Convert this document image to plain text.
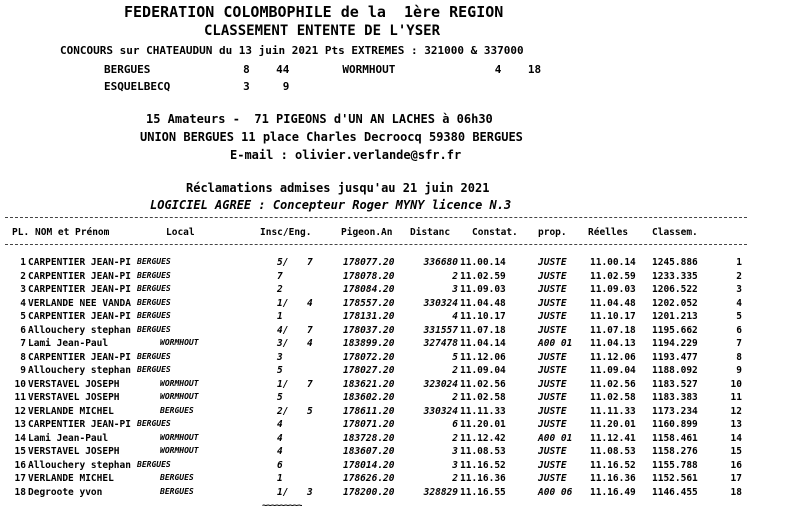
FEDERATION COLOMBOPHILE de la  1ère REGION
CLASSEMENT ENTENTE DE L'YSER
CONCOURS sur CHATEAUDUN du 13 juin 2021 Pts EXTREMES : 321000 & 337000
BERGUES              8    44        WORMHOUT               4    18
ESQUELBECQ           3     9
15 Amateurs -  71 PIGEONS d'UN AN LACHES à 06h30
UNION BERGUES 11 place Charles Decroocq 59380 BERGUES
E-mail : olivier.verlande@sfr.fr
Réclamations admises jusqu'au 21 juin 2021
LOGICIEL AGREE : Concepteur Roger MYNY licence N.3
PL. NOM et Prénom	Local	Insc/Eng.	Pigeon.An Distanc Constat. prop. Réelles	Classem.
1 CARPENTIER JEAN-PI BERGUES	5/ 7	178077.20	336680 11.00.14	JUSTE 11.00.14 1245.886	1
2 CARPENTIER JEAN-PI BERGUES	7	178078.20	2 11.02.59	JUSTE 11.02.59 1233.335	2
3 CARPENTIER JEAN-PI BERGUES	2	178084.20	3 11.09.03	JUSTE 11.09.03 1206.522	3
4 VERLANDE NEE VANDA BERGUES	1/ 4	178557.20	330324 11.04.48	JUSTE 11.04.48 1202.052	4
5 CARPENTIER JEAN-PI BERGUES	1	178131.20	4 11.10.17	JUSTE 11.10.17 1201.213	5
6 Allouchery stephan BERGUES	4/ 7	178037.20	331557 11.07.18	JUSTE 11.07.18 1195.662	6
7 Lami Jean-Paul	WORMHOUT	3/ 4	183899.20	327478 11.04.14	A00 01 11.04.13 1194.229	7
8 CARPENTIER JEAN-PI BERGUES	3	178072.20	5 11.12.06	JUSTE 11.12.06 1193.477	8
9 Allouchery stephan BERGUES	5	178027.20	2 11.09.04	JUSTE 11.09.04 1188.092	9
10 VERSTAVEL JOSEPH	WORMHOUT	1/ 7	183621.20	323024 11.02.56	JUSTE 11.02.56 1183.527	10
11 VERSTAVEL JOSEPH	WORMHOUT	5	183602.20	2 11.02.58	JUSTE 11.02.58 1183.383	11
12 VERLANDE MICHEL	BERGUES	2/ 5	178611.20	330324 11.11.33	JUSTE 11.11.33 1173.234	12
13 CARPENTIER JEAN-PI BERGUES	4	178071.20	6 11.20.01	JUSTE 11.20.01 1160.899	13
14 Lami Jean-Paul	WORMHOUT	4	183728.20	2 11.12.42	A00 01 11.12.41 1158.461	14
15 VERSTAVEL JOSEPH	WORMHOUT	4	183607.20	3 11.08.53	JUSTE 11.08.53 1158.276	15
16 Allouchery stephan BERGUES	6	178014.20	3 11.16.52	JUSTE 11.16.52 1155.788	16
17 VERLANDE MICHEL	BERGUES	1	178626.20	2 11.16.36	JUSTE 11.16.36 1152.561	17
18 Degroote yvon	BERGUES	1/ 3	178200.20	328829 11.16.55	A00 06 11.16.49 1146.455	18
~~~~~~~~~
